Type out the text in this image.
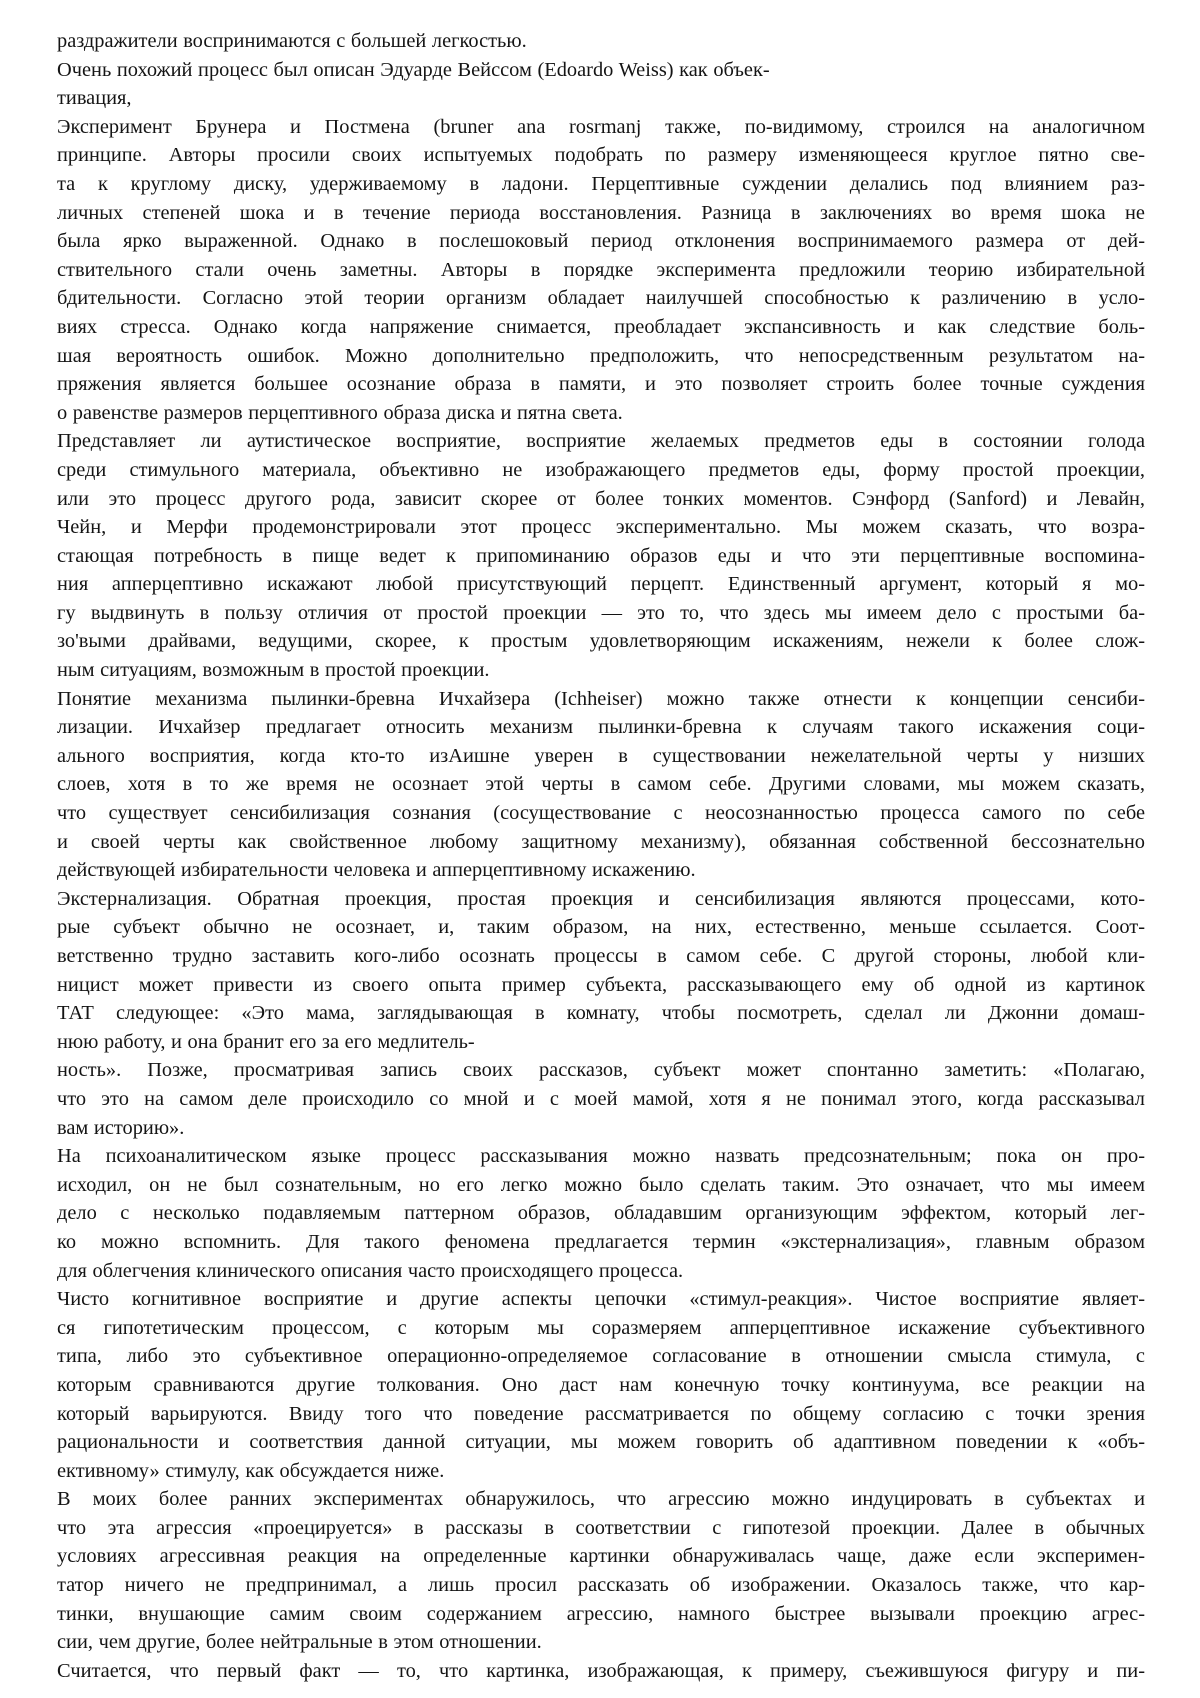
раздражители воспринимаются с большей легкостью.
Очень похожий процесс был описан Эдуарде Вейссом (Edoardo Weiss) как объек-
тивация,
Эксперимент Брунера и Постмена (bruner ana rosrmanj также, по-видимому, строился на аналогичном
принципе. Авторы просили своих испытуемых подобрать по размеру изменяющееся круглое пятно све-
та к круглому диску, удерживаемому в ладони. Перцептивные суждении делались под влиянием раз-
личных степеней шока и в течение периода восстановления. Разница в заключениях во время шока не
была ярко выраженной. Однако в послешоковый период отклонения воспринимаемого размера от дей-
ствительного стали очень заметны. Авторы в порядке эксперимента предложили теорию избирательной
бдительности. Согласно этой теории организм обладает наилучшей способностью к различению в усло-
виях стресса. Однако когда напряжение снимается, преобладает экспансивность и как следствие боль-
шая вероятность ошибок. Можно дополнительно предположить, что непосредственным результатом на-
пряжения является большее осознание образа в памяти, и это позволяет строить более точные суждения
о равенстве размеров перцептивного образа диска и пятна света.
Представляет ли аутистическое восприятие, восприятие желаемых предметов еды в состоянии голода
среди стимульного материала, объективно не изображающего предметов еды, форму простой проекции,
или это процесс другого рода, зависит скорее от более тонких моментов. Сэнфорд (Sanford) и Левайн,
Чейн, и Мерфи продемонстрировали этот процесс экспериментально. Мы можем сказать, что возра-
стающая потребность в пище ведет к припоминанию образов еды и что эти перцептивные воспомина-
ния апперцептивно искажают любой присутствующий перцепт. Единственный аргумент, который я мо-
гу выдвинуть в пользу отличия от простой проекции — это то, что здесь мы имеем дело с простыми ба-
зо'выми драйвами, ведущими, скорее, к простым удовлетворяющим искажениям, нежели к более слож-
ным ситуациям, возможным в простой проекции.
Понятие механизма пылинки-бревна Ичхайзера (Ichheiser) можно также отнести к концепции сенсиби-
лизации. Ичхайзер предлагает относить механизм пылинки-бревна к случаям такого искажения соци-
ального восприятия, когда кто-то изАишне уверен в существовании нежелательной черты у низших
слоев, хотя в то же время не осознает этой черты в самом себе. Другими словами, мы можем сказать,
что существует сенсибилизация сознания (сосуществование с неосознанностью процесса самого по себе
и своей черты как свойственное любому защитному механизму), обязанная собственной бессознательно
действующей избирательности человека и апперцептивному искажению.
Экстернализация. Обратная проекция, простая проекция и сенсибилизация являются процессами, кото-
рые субъект обычно не осознает, и, таким образом, на них, естественно, меньше ссылается. Соот-
ветственно трудно заставить кого-либо осознать процессы в самом себе. С другой стороны, любой кли-
ницист может привести из своего опыта пример субъекта, рассказывающего ему об одной из картинок
ТАТ следующее: «Это мама, заглядывающая в комнату, чтобы посмотреть, сделал ли Джонни домаш-
нюю работу, и она бранит его за его медлитель-
ность». Позже, просматривая запись своих рассказов, субъект может спонтанно заметить: «Полагаю,
что это на самом деле происходило со мной и с моей мамой, хотя я не понимал этого, когда рассказывал
вам историю».
На психоаналитическом языке процесс рассказывания можно назвать предсознательным; пока он про-
исходил, он не был сознательным, но его легко можно было сделать таким. Это означает, что мы имеем
дело с несколько подавляемым паттерном образов, обладавшим организующим эффектом, который лег-
ко можно вспомнить. Для такого феномена предлагается термин «экстернализация», главным образом
для облегчения клинического описания часто происходящего процесса.
Чисто когнитивное восприятие и другие аспекты цепочки «стимул-реакция». Чистое восприятие являет-
ся гипотетическим процессом, с которым мы соразмеряем апперцептивное искажение субъективного
типа, либо это субъективное операционно-определяемое согласование в отношении смысла стимула, с
которым сравниваются другие толкования. Оно даст нам конечную точку континуума, все реакции на
который варьируются. Ввиду того что поведение рассматривается по общему согласию с точки зрения
рациональности и соответствия данной ситуации, мы можем говорить об адаптивном поведении к «объ-
ективному» стимулу, как обсуждается ниже.
В моих более ранних экспериментах обнаружилось, что агрессию можно индуцировать в субъектах и
что эта агрессия «проецируется» в рассказы в соответствии с гипотезой проекции. Далее в обычных
условиях агрессивная реакция на определенные картинки обнаруживалась чаще, даже если эксперимен-
татор ничего не предпринимал, а лишь просил рассказать об изображении. Оказалось также, что кар-
тинки, внушающие самим своим содержанием агрессию, намного быстрее вызывали проекцию агрес-
сии, чем другие, более нейтральные в этом отношении.
Считается, что первый факт — то, что картинка, изображающая, к примеру, съежившуюся фигуру и пи-
